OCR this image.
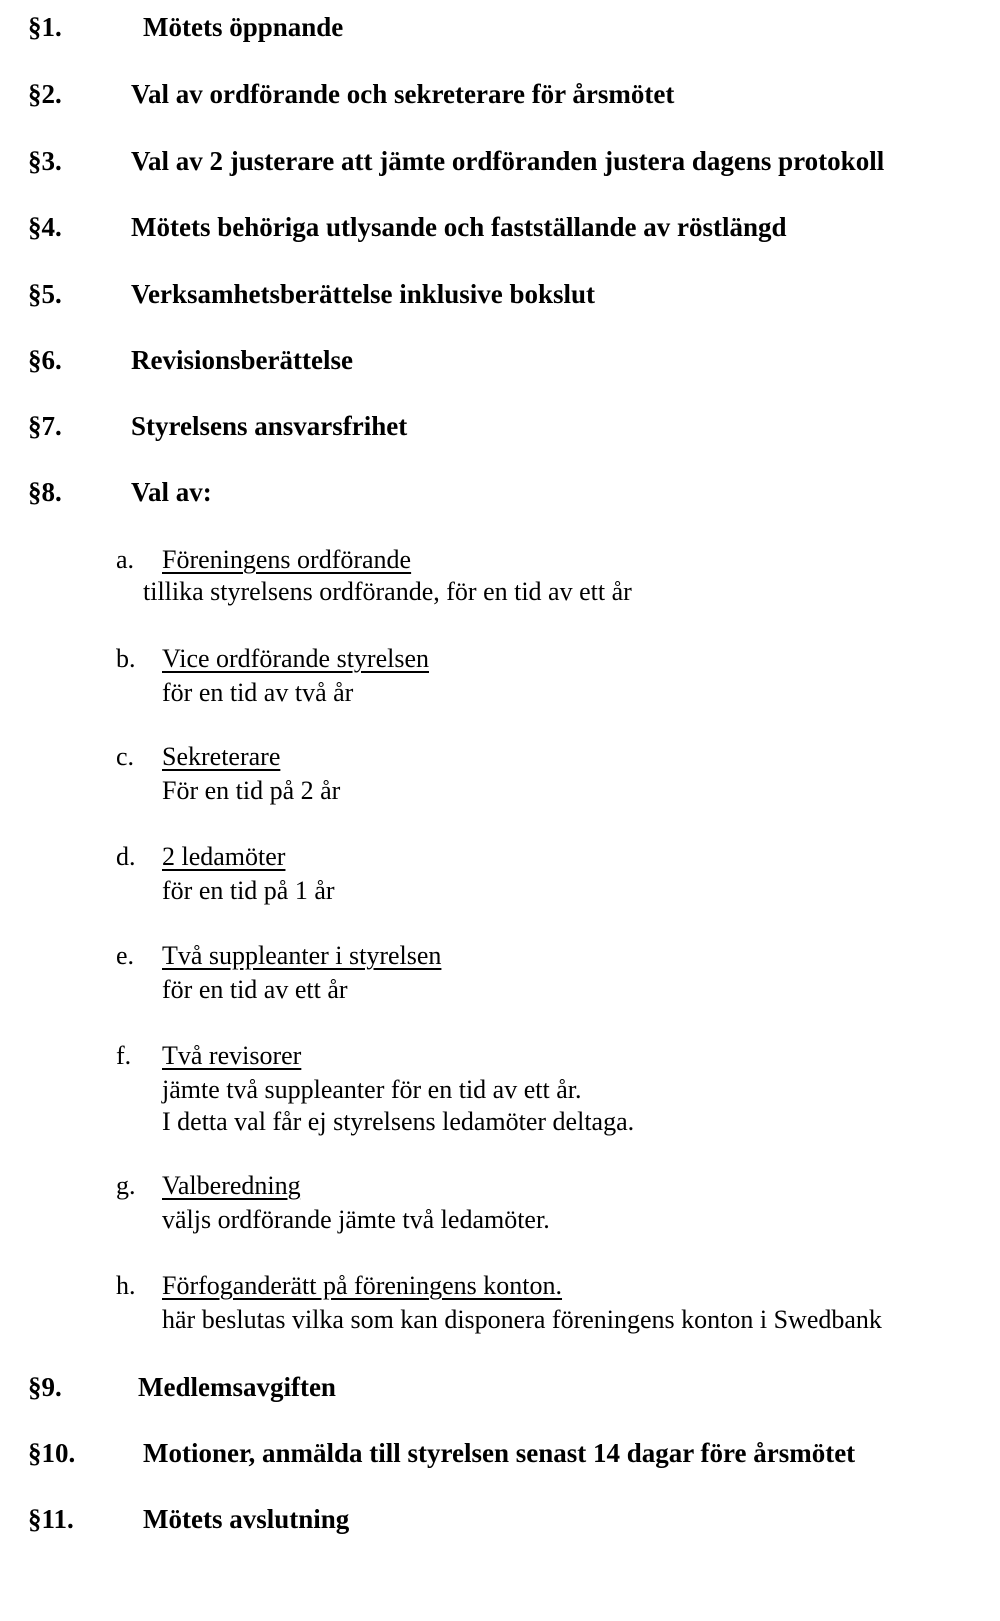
§1.	Mötets öppnande
§2.	Val av ordförande och sekreterare för årsmötet
§3.	Val av 2 justerare att jämte ordföranden justera dagens protokoll
§4.	Mötets behöriga utlysande och fastställande av röstlängd
§5.	Verksamhetsberättelse inklusive bokslut
§6.	Revisionsberättelse
§7.	Styrelsens ansvarsfrihet
§8.	Val av:
a. Föreningens ordförande
tillika styrelsens ordförande, för en tid av ett år
b. Vice ordförande styrelsen
för en tid av två år
c. Sekreterare
För en tid på 2 år
d. 2 ledamöter
för en tid på 1 år
e. Två suppleanter i styrelsen
för en tid av ett år
f. Två revisorer
jämte två suppleanter för en tid av ett år.
I detta val får ej styrelsens ledamöter deltaga.
g. Valberedning
väljs ordförande jämte två ledamöter.
h. Förfoganderätt på föreningens konton.
här beslutas vilka som kan disponera föreningens konton i Swedbank
§9.	Medlemsavgiften
§10.	Motioner, anmälda till styrelsen senast 14 dagar före årsmötet
§11.	Mötets avslutning
